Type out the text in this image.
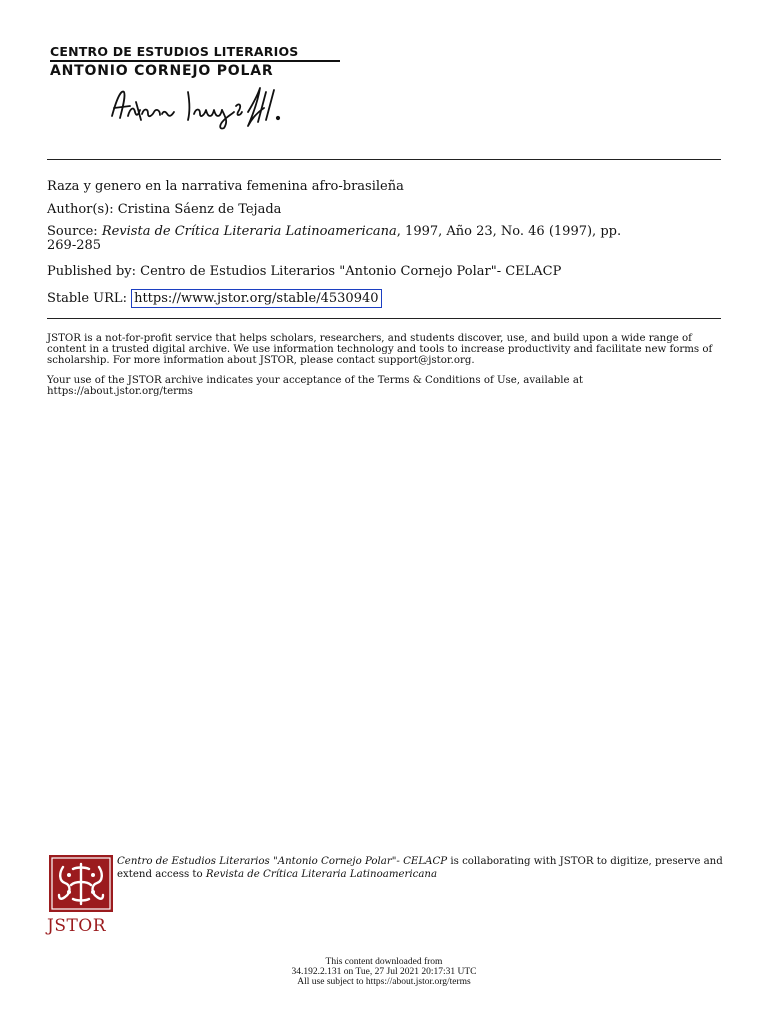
CENTRO DE ESTUDIOS LITERARIOS
ANTONIO CORNEJO POLAR
Raza y genero en la narrativa femenina afro-brasileña
Author(s): Cristina Sáenz de Tejada
Source: Revista de Crítica Literaria Latinoamericana, 1997, Año 23, No. 46 (1997), pp.
269-285
Published by: Centro de Estudios Literarios "Antonio Cornejo Polar"- CELACP
Stable URL: https://www.jstor.org/stable/4530940
JSTOR is a not-for-profit service that helps scholars, researchers, and students discover, use, and build upon a wide range of content in a trusted digital archive. We use information technology and tools to increase productivity and facilitate new forms of scholarship. For more information about JSTOR, please contact support@jstor.org.
Your use of the JSTOR archive indicates your acceptance of the Terms & Conditions of Use, available at https://about.jstor.org/terms
JSTOR
Centro de Estudios Literarios "Antonio Cornejo Polar"- CELACP is collaborating with JSTOR to digitize, preserve and extend access to Revista de Crítica Literaria Latinoamericana
This content downloaded from
34.192.2.131 on Tue, 27 Jul 2021 20:17:31 UTC
All use subject to https://about.jstor.org/terms
